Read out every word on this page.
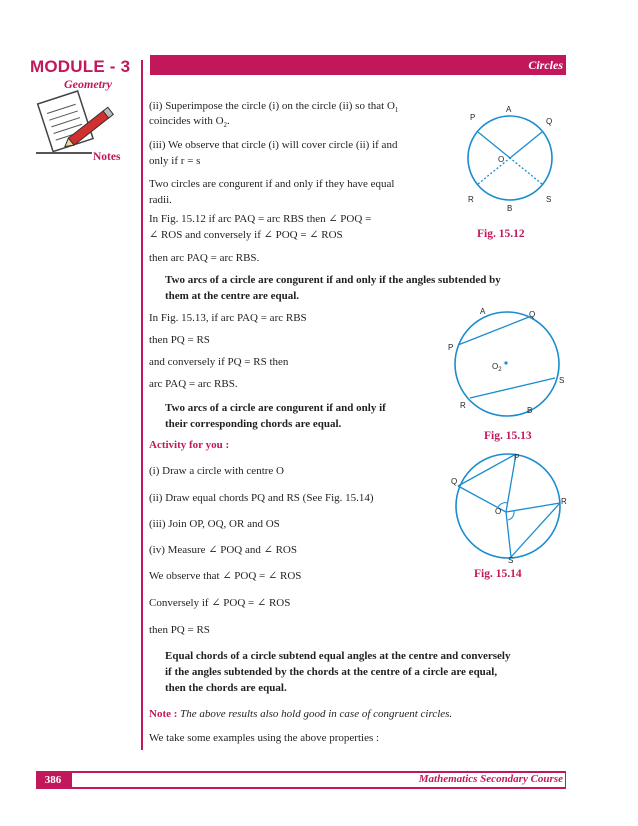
MODULE - 3
Geometry
Circles
Notes
(ii) Superimpose the circle (i) on the circle (ii) so that $O_1$
coincides with $O_2$.
(iii) We observe that circle (i) will cover circle (ii) if and
only if r = s
Two circles are congurent if and only if they have equal
radii.
In Fig. 15.12 if arc PAQ = arc RBS then ∠ POQ =
∠ ROS and conversely if ∠ POQ = ∠ ROS
then arc PAQ = arc RBS.
Two arcs of a circle are congurent if and only if the angles subtended by
them at the centre are equal.
In Fig. 15.13, if arc PAQ = arc RBS
then PQ = RS
and conversely if PQ = RS then
arc PAQ = arc RBS.
Two arcs of a circle are congurent if and only if
their corresponding chords are equal.
Activity for you :
(i) Draw a circle with centre O
(ii) Draw equal chords PQ and RS (See Fig. 15.14)
(iii) Join OP, OQ, OR and OS
(iv) Measure ∠ POQ and ∠ ROS
We observe that ∠ POQ = ∠ ROS
Conversely if ∠ POQ = ∠ ROS
then PQ = RS
Equal chords of a circle subtend equal angles at the centre and conversely
if the angles subtended by the chords at the centre of a circle are equal,
then the chords are equal.
Note : The above results also hold good in case of congruent circles.
We take some examples using the above properties :
P
A
Q
O
R
B
S
Fig. 15.12
A	Q
P
$O_2$
S
R
B
Fig. 15.13
P
Q
R
O
S
Fig. 15.14
386	Mathematics Secondary Course
